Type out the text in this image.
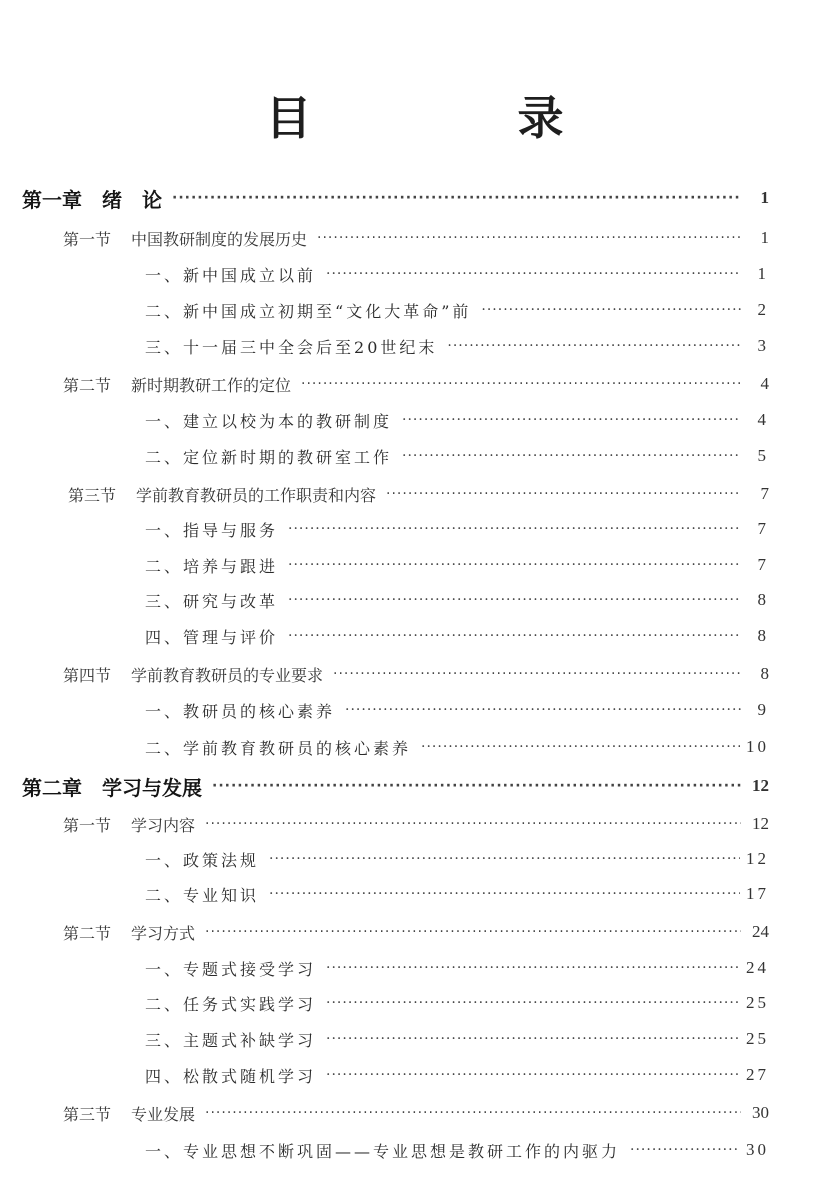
目　录
第一章 绪　论 ·····	1
第一节 中国教研制度的发展历史 ·····	1
一、新中国成立以前 ·····	1
二、新中国成立初期至“文化大革命”前 ·····	2
三、十一届三中全会后至20世纪末 ·····	3
第二节 新时期教研工作的定位 ·····	4
一、建立以校为本的教研制度 ·····	4
二、定位新时期的教研室工作 ·····	5
第三节 学前教育教研员的工作职责和内容 ·····	7
一、指导与服务 ·····	7
二、培养与跟进 ·····	7
三、研究与改革 ·····	8
四、管理与评价 ·····	8
第四节 学前教育教研员的专业要求 ·····	8
一、教研员的核心素养 ·····	9
二、学前教育教研员的核心素养 ·····	10
第二章 学习与发展 ·····	12
第一节 学习内容 ·····	12
一、政策法规 ·····	12
二、专业知识 ·····	17
第二节 学习方式 ·····	24
一、专题式接受学习 ·····	24
二、任务式实践学习 ·····	25
三、主题式补缺学习 ·····	25
四、松散式随机学习 ·····	27
第三节 专业发展 ·····	30
一、专业思想不断巩固——专业思想是教研工作的内驱力 ·····	30
